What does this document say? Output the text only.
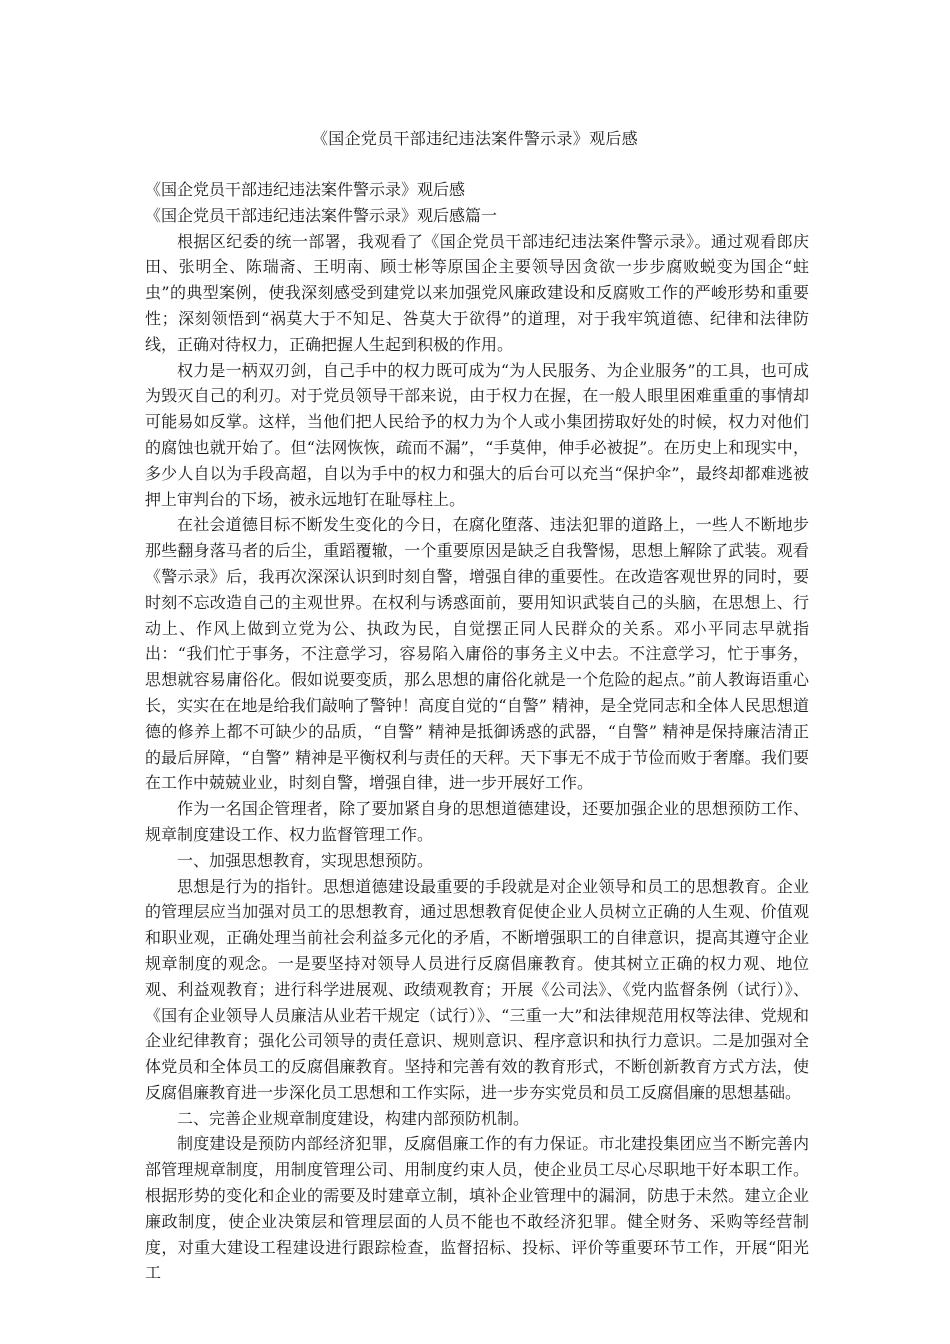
《国企党员干部违纪违法案件警示录》观后感

《国企党员干部违纪违法案件警示录》观后感

《国企党员干部违纪违法案件警示录》观后感篇一

根据区纪委的统一部署，我观看了《国企党员干部违纪违法案件警示录》。通过观看郎庆田、张明全、陈瑞斋、王明南、顾士彬等原国企主要领导因贪欲一步步腐败蜕变为国企“蛀虫”的典型案例，使我深刻感受到建党以来加强党风廉政建设和反腐败工作的严峻形势和重要性；深刻领悟到“祸莫大于不知足、咎莫大于欲得”的道理，对于我牢筑道德、纪律和法律防线，正确对待权力，正确把握人生起到积极的作用。

权力是一柄双刃剑，自己手中的权力既可成为“为人民服务、为企业服务”的工具，也可成为毁灭自己的利刃。对于党员领导干部来说，由于权力在握，在一般人眼里困难重重的事情却可能易如反掌。这样，当他们把人民给予的权力为个人或小集团捞取好处的时候，权力对他们的腐蚀也就开始了。但“法网恢恢，疏而不漏”，“手莫伸，伸手必被捉”。在历史上和现实中，多少人自以为手段高超，自以为手中的权力和强大的后台可以充当“保护伞”，最终却都难逃被押上审判台的下场，被永远地钉在耻辱柱上。

在社会道德目标不断发生变化的今日，在腐化堕落、违法犯罪的道路上，一些人不断地步那些翻身落马者的后尘，重蹈覆辙，一个重要原因是缺乏自我警惕，思想上解除了武装。观看《警示录》后，我再次深深认识到时刻自警，增强自律的重要性。在改造客观世界的同时，要时刻不忘改造自己的主观世界。在权利与诱惑面前，要用知识武装自己的头脑，在思想上、行动上、作风上做到立党为公、执政为民，自觉摆正同人民群众的关系。邓小平同志早就指出：“我们忙于事务，不注意学习，容易陷入庸俗的事务主义中去。不注意学习，忙于事务，思想就容易庸俗化。假如说要变质，那么思想的庸俗化就是一个危险的起点。”前人教诲语重心长，实实在在地是给我们敲响了警钟！高度自觉的“自警” 精神，是全党同志和全体人民思想道德的修养上都不可缺少的品质，“自警” 精神是抵御诱惑的武器，“自警” 精神是保持廉洁清正的最后屏障，“自警” 精神是平衡权利与责任的天秤。天下事无不成于节俭而败于奢靡。我们要在工作中兢兢业业，时刻自警，增强自律，进一步开展好工作。

作为一名国企管理者，除了要加紧自身的思想道德建设，还要加强企业的思想预防工作、规章制度建设工作、权力监督管理工作。

一、加强思想教育，实现思想预防。

思想是行为的指针。思想道德建设最重要的手段就是对企业领导和员工的思想教育。企业的管理层应当加强对员工的思想教育，通过思想教育促使企业人员树立正确的人生观、价值观和职业观，正确处理当前社会利益多元化的矛盾，不断增强职工的自律意识，提高其遵守企业规章制度的观念。一是要坚持对领导人员进行反腐倡廉教育。使其树立正确的权力观、地位观、利益观教育；进行科学进展观、政绩观教育；开展《公司法》、《党内监督条例（试行）》、《国有企业领导人员廉洁从业若干规定（试行）》、“三重一大”和法律规范用权等法律、党规和企业纪律教育；强化公司领导的责任意识、规则意识、程序意识和执行力意识。二是加强对全体党员和全体员工的反腐倡廉教育。坚持和完善有效的教育形式，不断创新教育方式方法，使反腐倡廉教育进一步深化员工思想和工作实际，进一步夯实党员和员工反腐倡廉的思想基础。

二、完善企业规章制度建设，构建内部预防机制。

制度建设是预防内部经济犯罪，反腐倡廉工作的有力保证。市北建投集团应当不断完善内部管理规章制度，用制度管理公司、用制度约束人员，使企业员工尽心尽职地干好本职工作。根据形势的变化和企业的需要及时建章立制，填补企业管理中的漏洞，防患于未然。建立企业廉政制度，使企业决策层和管理层面的人员不能也不敢经济犯罪。健全财务、采购等经营制度，对重大建设工程建设进行跟踪检查，监督招标、投标、评价等重要环节工作，开展“阳光工
